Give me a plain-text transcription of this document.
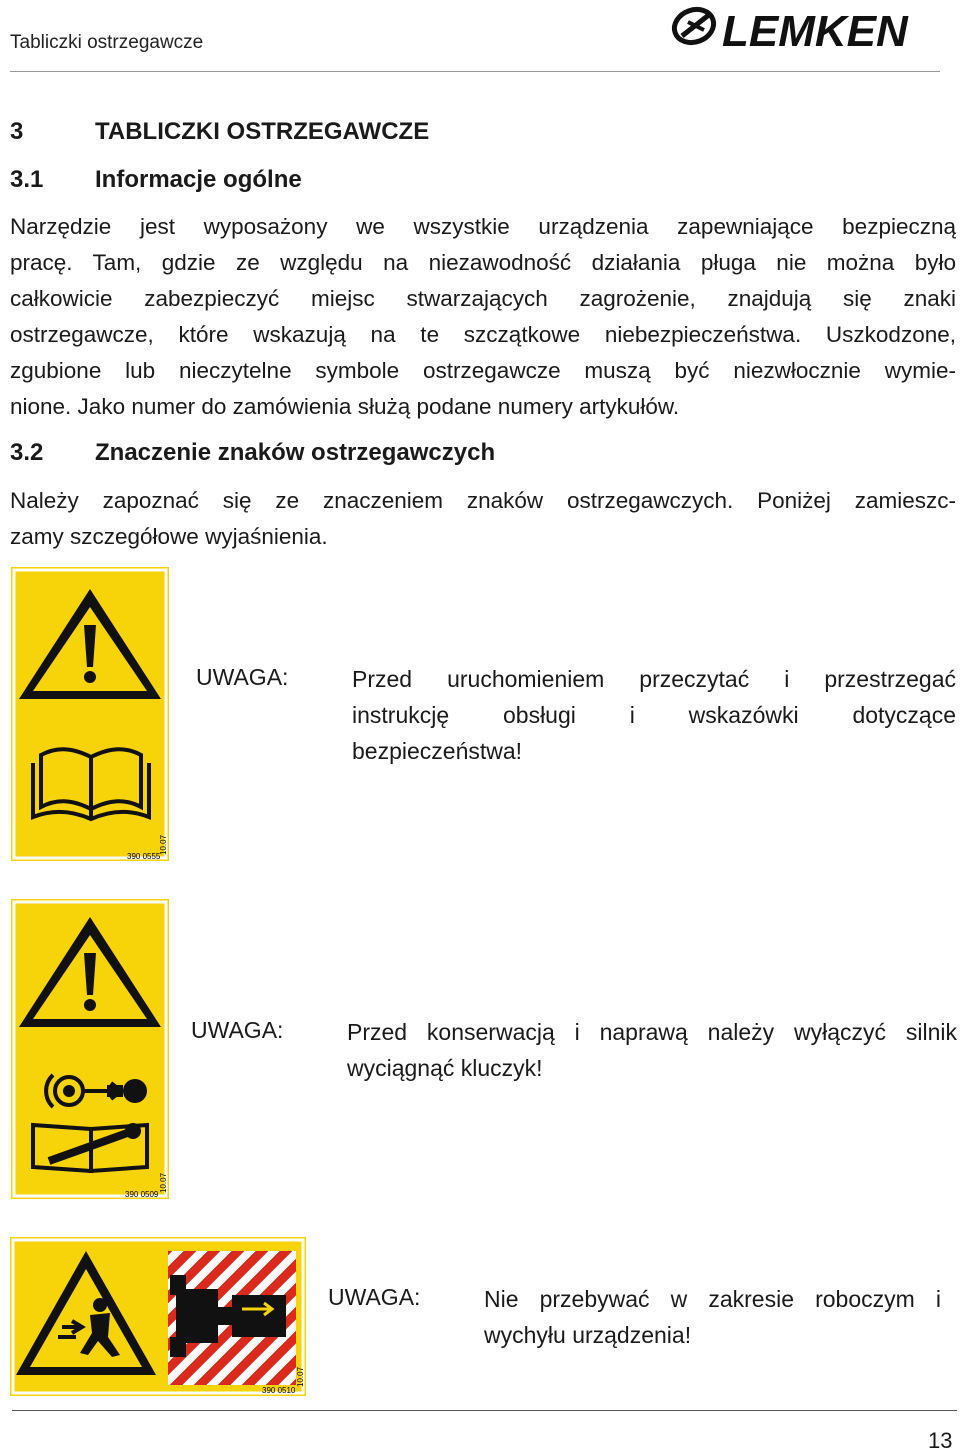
Tabliczki ostrzegawcze	LEMKEN
3	TABLICZKI OSTRZEGAWCZE
3.1 Informacje ogólne
Narzędzie jest wyposażony we wszystkie urządzenia zapewniające bezpieczną
pracę. Tam, gdzie ze względu na niezawodność działania pługa nie można było
całkowicie zabezpieczyć miejsc stwarzających zagrożenie, znajdują się znaki
ostrzegawcze, które wskazują na te szczątkowe niebezpieczeństwa. Uszkodzone,
zgubione lub nieczytelne symbole ostrzegawcze muszą być niezwłocznie wymie-
nione. Jako numer do zamówienia służą podane numery artykułów.
3.2 Znaczenie znaków ostrzegawczych
Należy zapoznać się ze znaczeniem znaków ostrzegawczych. Poniżej zamieszc-
zamy szczegółowe wyjaśnienia.
390 0555
10.07
UWAGA:	Przed uruchomieniem przeczytać i przestrzegać
instrukcję obsługi i wskazówki dotyczące
bezpieczeństwa!
390 0509
10.07
UWAGA:	Przed konserwacją i naprawą należy wyłączyć silnik
wyciągnąć kluczyk!
390 0510
10.07
UWAGA:	Nie przebywać w zakresie roboczym i
wychyłu urządzenia!
13
